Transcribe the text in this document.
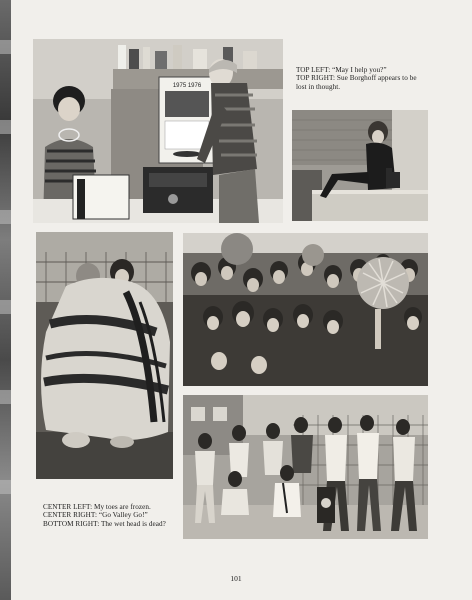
1975 1976
TOP LEFT: “May I help you?”
TOP RIGHT: Sue Borghoff appears to be
lost in thought.
CENTER LEFT: My toes are frozen.
CENTER RIGHT: “Go Valley Go!”
BOTTOM RIGHT: The wet head is dead?
101
